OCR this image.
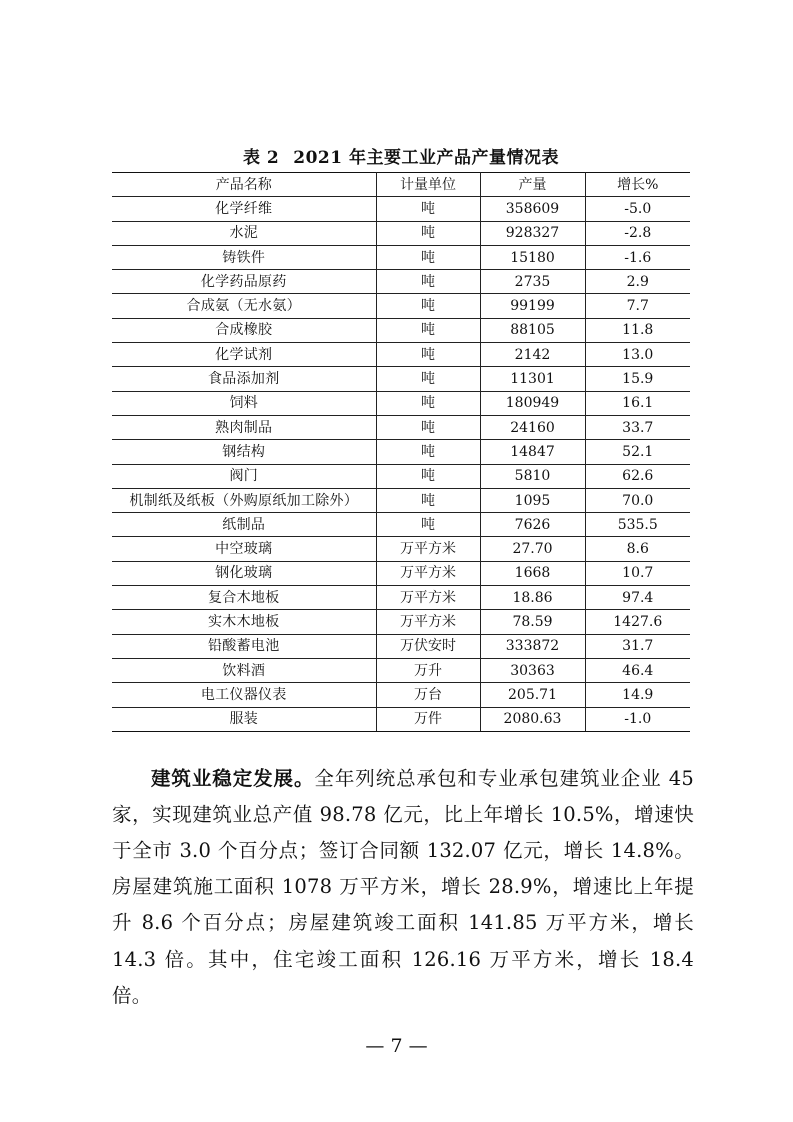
表 2 2021 年主要工业产品产量情况表
产品名称	计量单位	产量	增长%
化学纤维	吨	358609	-5.0
水泥	吨	928327	-2.8
铸铁件	吨	15180	-1.6
化学药品原药	吨	2735	2.9
合成氨（无水氨）	吨	99199	7.7
合成橡胶	吨	88105	11.8
化学试剂	吨	2142	13.0
食品添加剂	吨	11301	15.9
饲料	吨	180949	16.1
熟肉制品	吨	24160	33.7
钢结构	吨	14847	52.1
阀门	吨	5810	62.6
机制纸及纸板（外购原纸加工除外）	吨	1095	70.0
纸制品	吨	7626	535.5
中空玻璃	万平方米	27.70	8.6
钢化玻璃	万平方米	1668	10.7
复合木地板	万平方米	18.86	97.4
实木木地板	万平方米	78.59	1427.6
铅酸蓄电池	万伏安时	333872	31.7
饮料酒	万升	30363	46.4
电工仪器仪表	万台	205.71	14.9
服装	万件	2080.63	-1.0

建筑业稳定发展。全年列统总承包和专业承包建筑业企业 45 家，实现建筑业总产值 98.78 亿元，比上年增长 10.5%，增速快于全市 3.0 个百分点；签订合同额 132.07 亿元，增长 14.8%。房屋建筑施工面积 1078 万平方米，增长 28.9%，增速比上年提升 8.6 个百分点；房屋建筑竣工面积 141.85 万平方米，增长 14.3 倍。其中，住宅竣工面积 126.16 万平方米，增长 18.4 倍。

— 7 —
